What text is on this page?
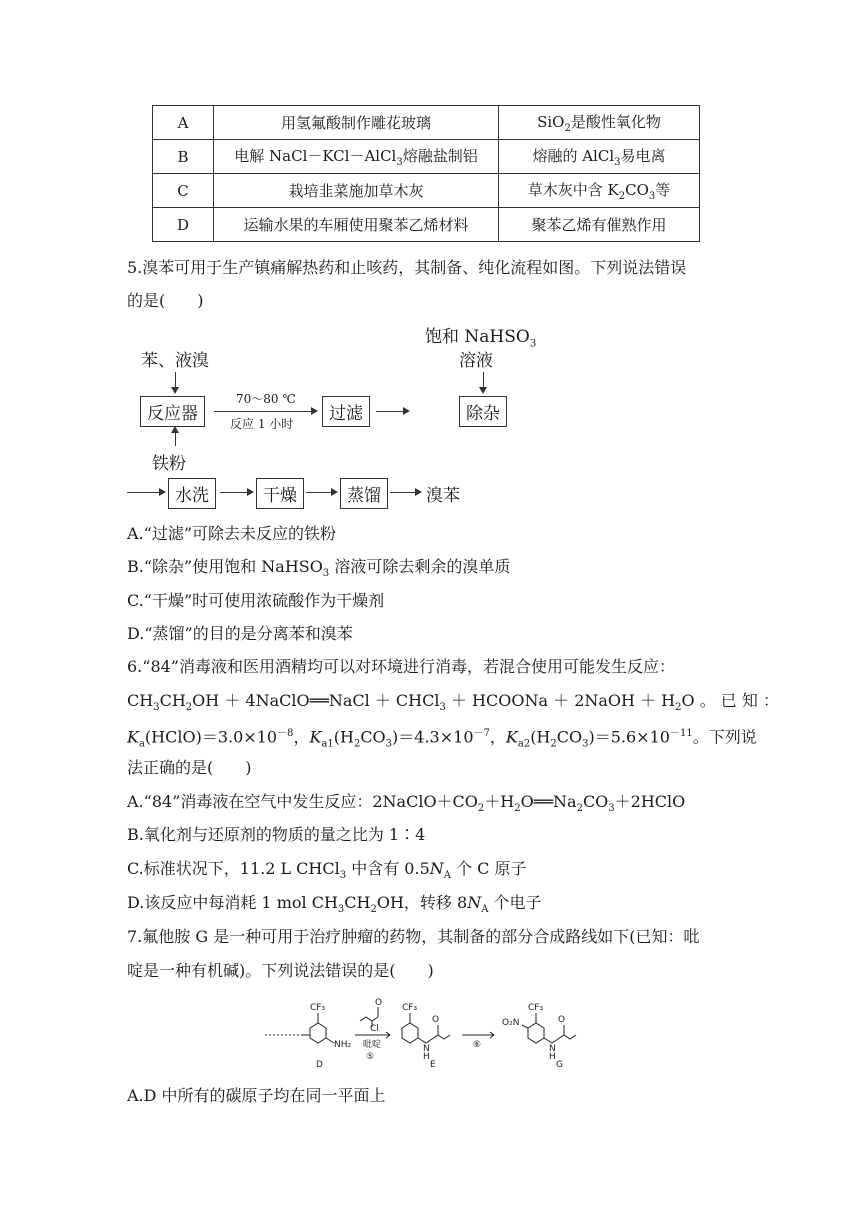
A	用氢氟酸制作雕花玻璃	SiO$_2$是酸性氧化物
B	电解 NaCl－KCl－AlCl$_3$熔融盐制铝	熔融的 AlCl$_3$易电离
C	栽培韭菜施加草木灰	草木灰中含 $K_2CO_3$等
D	运输水果的车厢使用聚苯乙烯材料	聚苯乙烯有催熟作用
5.溴苯可用于生产镇痛解热药和止咳药，其制备、纯化流程如图。下列说法错误
的是(　　)
饱和 NaHSO$_3$
苯、液溴	溶液
反应器
70～80 ℃
反应 1 小时	过滤	除杂
铁粉
水洗	干燥	蒸馏	溴苯
A.“过滤”可除去未反应的铁粉
B.“除杂”使用饱和 NaHSO$_3$ 溶液可除去剩余的溴单质
C.“干燥”时可使用浓硫酸作为干燥剂
D.“蒸馏”的目的是分离苯和溴苯
6.“84”消毒液和医用酒精均可以对环境进行消毒，若混合使用可能发生反应：
$CH_3CH_2OH$ ＋ 4NaClO══NaCl ＋ CHCl$_3$ ＋ HCOONa ＋ 2NaOH ＋ $H_2O$ 。 已 知 ：
$K_a(HClO)=3.0\times 10^{-8}$，$K_{a1}(H_2CO_3)=4.3\times 10^{-7}$，$K_{a2}(H_2CO_3)=5.6\times 10^{-11}$。下列说
法正确的是(　　)
A.“84”消毒液在空气中发生反应：$2NaClO+CO_2+H_2O══Na_2CO_3+2HClO$
B.氧化剂与还原剂的物质的量之比为 1∶4
C.标准状况下，11.2 L CHCl$_3$ 中含有 $0.5N_A$ 个 C 原子
D.该反应中每消耗 1 mol $CH_3CH_2OH$，转移 $8N_A$ 个电子
7.氟他胺 G 是一种可用于治疗肿瘤的药物，其制备的部分合成路线如下(已知：吡
啶是一种有机碱)。下列说法错误的是(　　)
CF₃
NH₂
D
O
Cl
吡啶
⑤
CF₃
O
N
H
E
⑥
O₂N
CF₃
O
N
H
G
A.D 中所有的碳原子均在同一平面上
